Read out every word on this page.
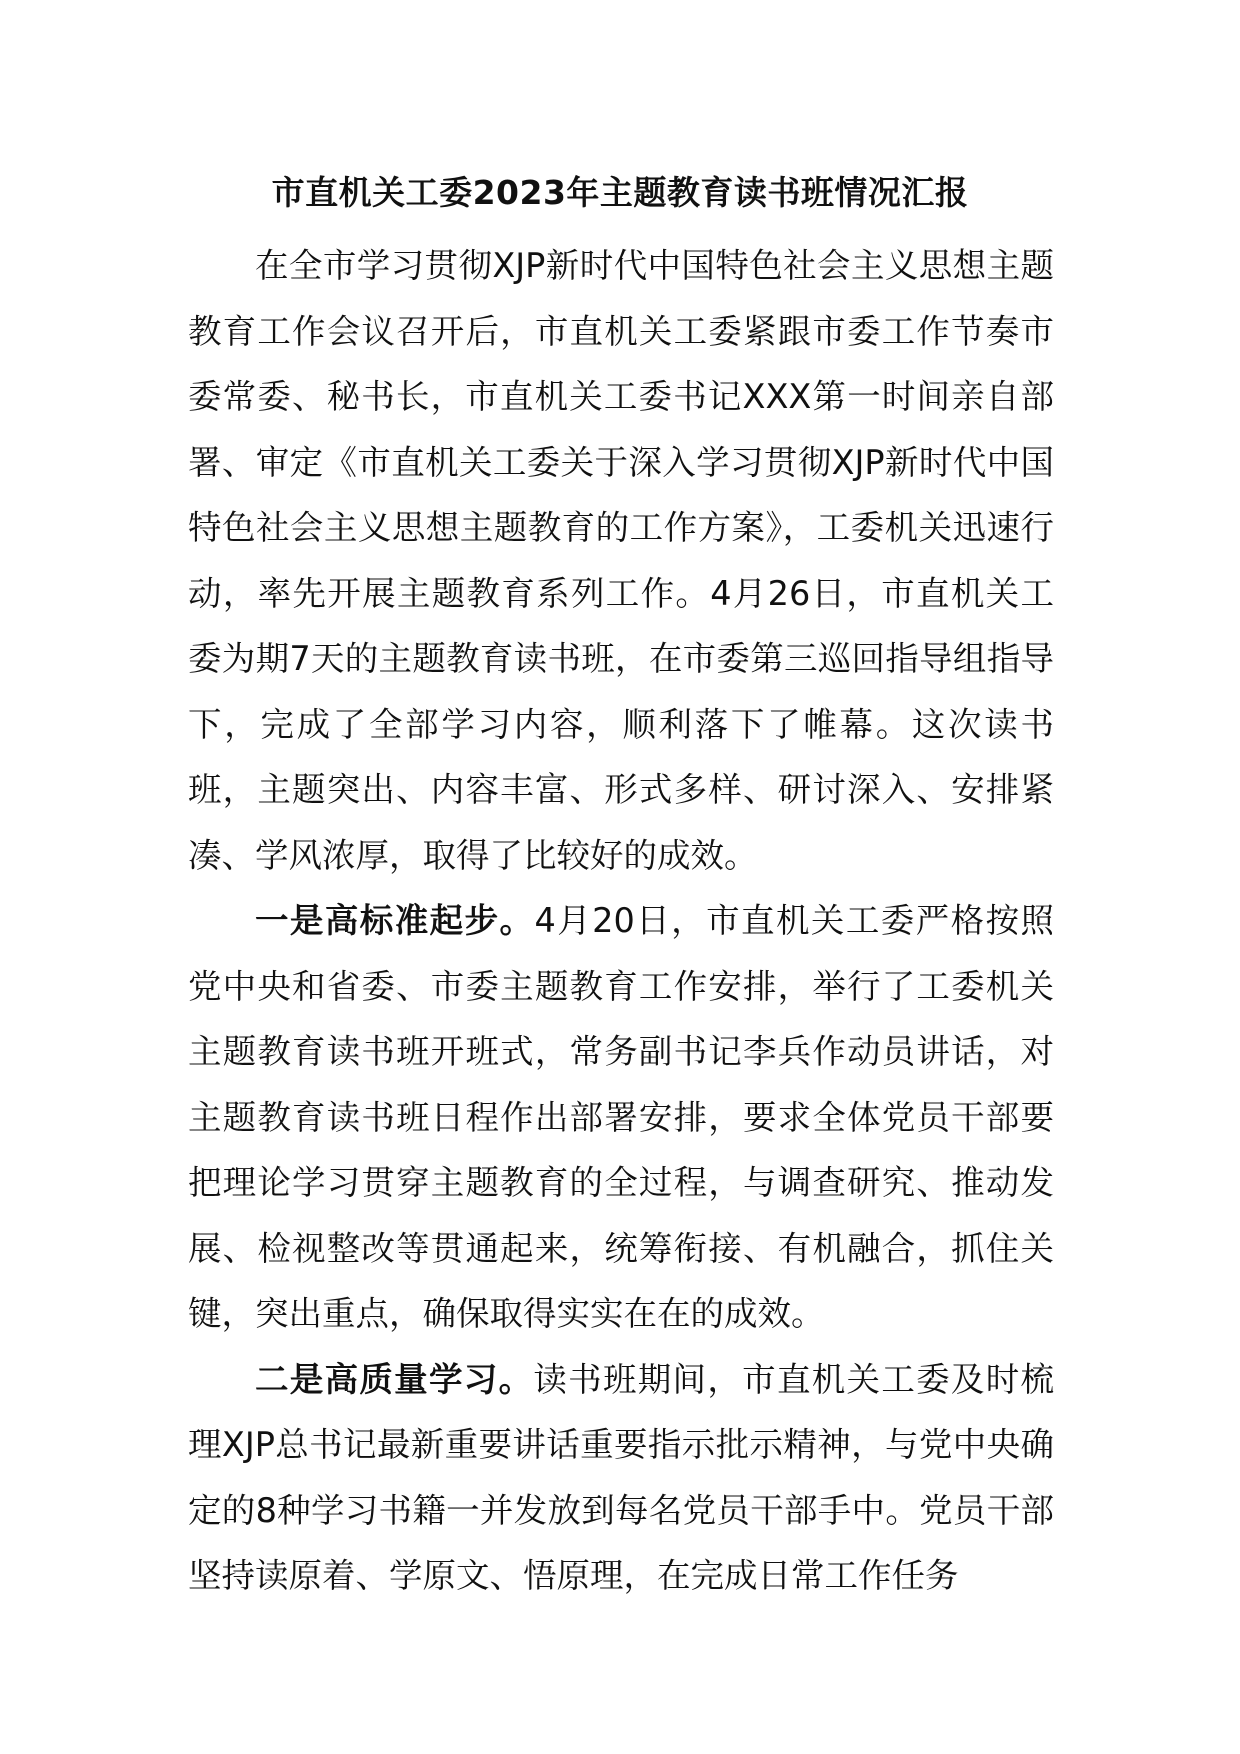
市直机关工委2023年主题教育读书班情况汇报

在全市学习贯彻XJP新时代中国特色社会主义思想主题教育工作会议召开后，市直机关工委紧跟市委工作节奏市委常委、秘书长，市直机关工委书记XXX第一时间亲自部署、审定《市直机关工委关于深入学习贯彻XJP新时代中国特色社会主义思想主题教育的工作方案》，工委机关迅速行动，率先开展主题教育系列工作。4月26日，市直机关工委为期7天的主题教育读书班，在市委第三巡回指导组指导下，完成了全部学习内容，顺利落下了帷幕。这次读书班，主题突出、内容丰富、形式多样、研讨深入、安排紧凑、学风浓厚，取得了比较好的成效。

一是高标准起步。4月20日，市直机关工委严格按照党中央和省委、市委主题教育工作安排，举行了工委机关主题教育读书班开班式，常务副书记李兵作动员讲话，对主题教育读书班日程作出部署安排，要求全体党员干部要把理论学习贯穿主题教育的全过程，与调查研究、推动发展、检视整改等贯通起来，统筹衔接、有机融合，抓住关键，突出重点，确保取得实实在在的成效。

二是高质量学习。读书班期间，市直机关工委及时梳理XJP总书记最新重要讲话重要指示批示精神，与党中央确定的8种学习书籍一并发放到每名党员干部手中。党员干部坚持读原着、学原文、悟原理，在完成日常工作任务
